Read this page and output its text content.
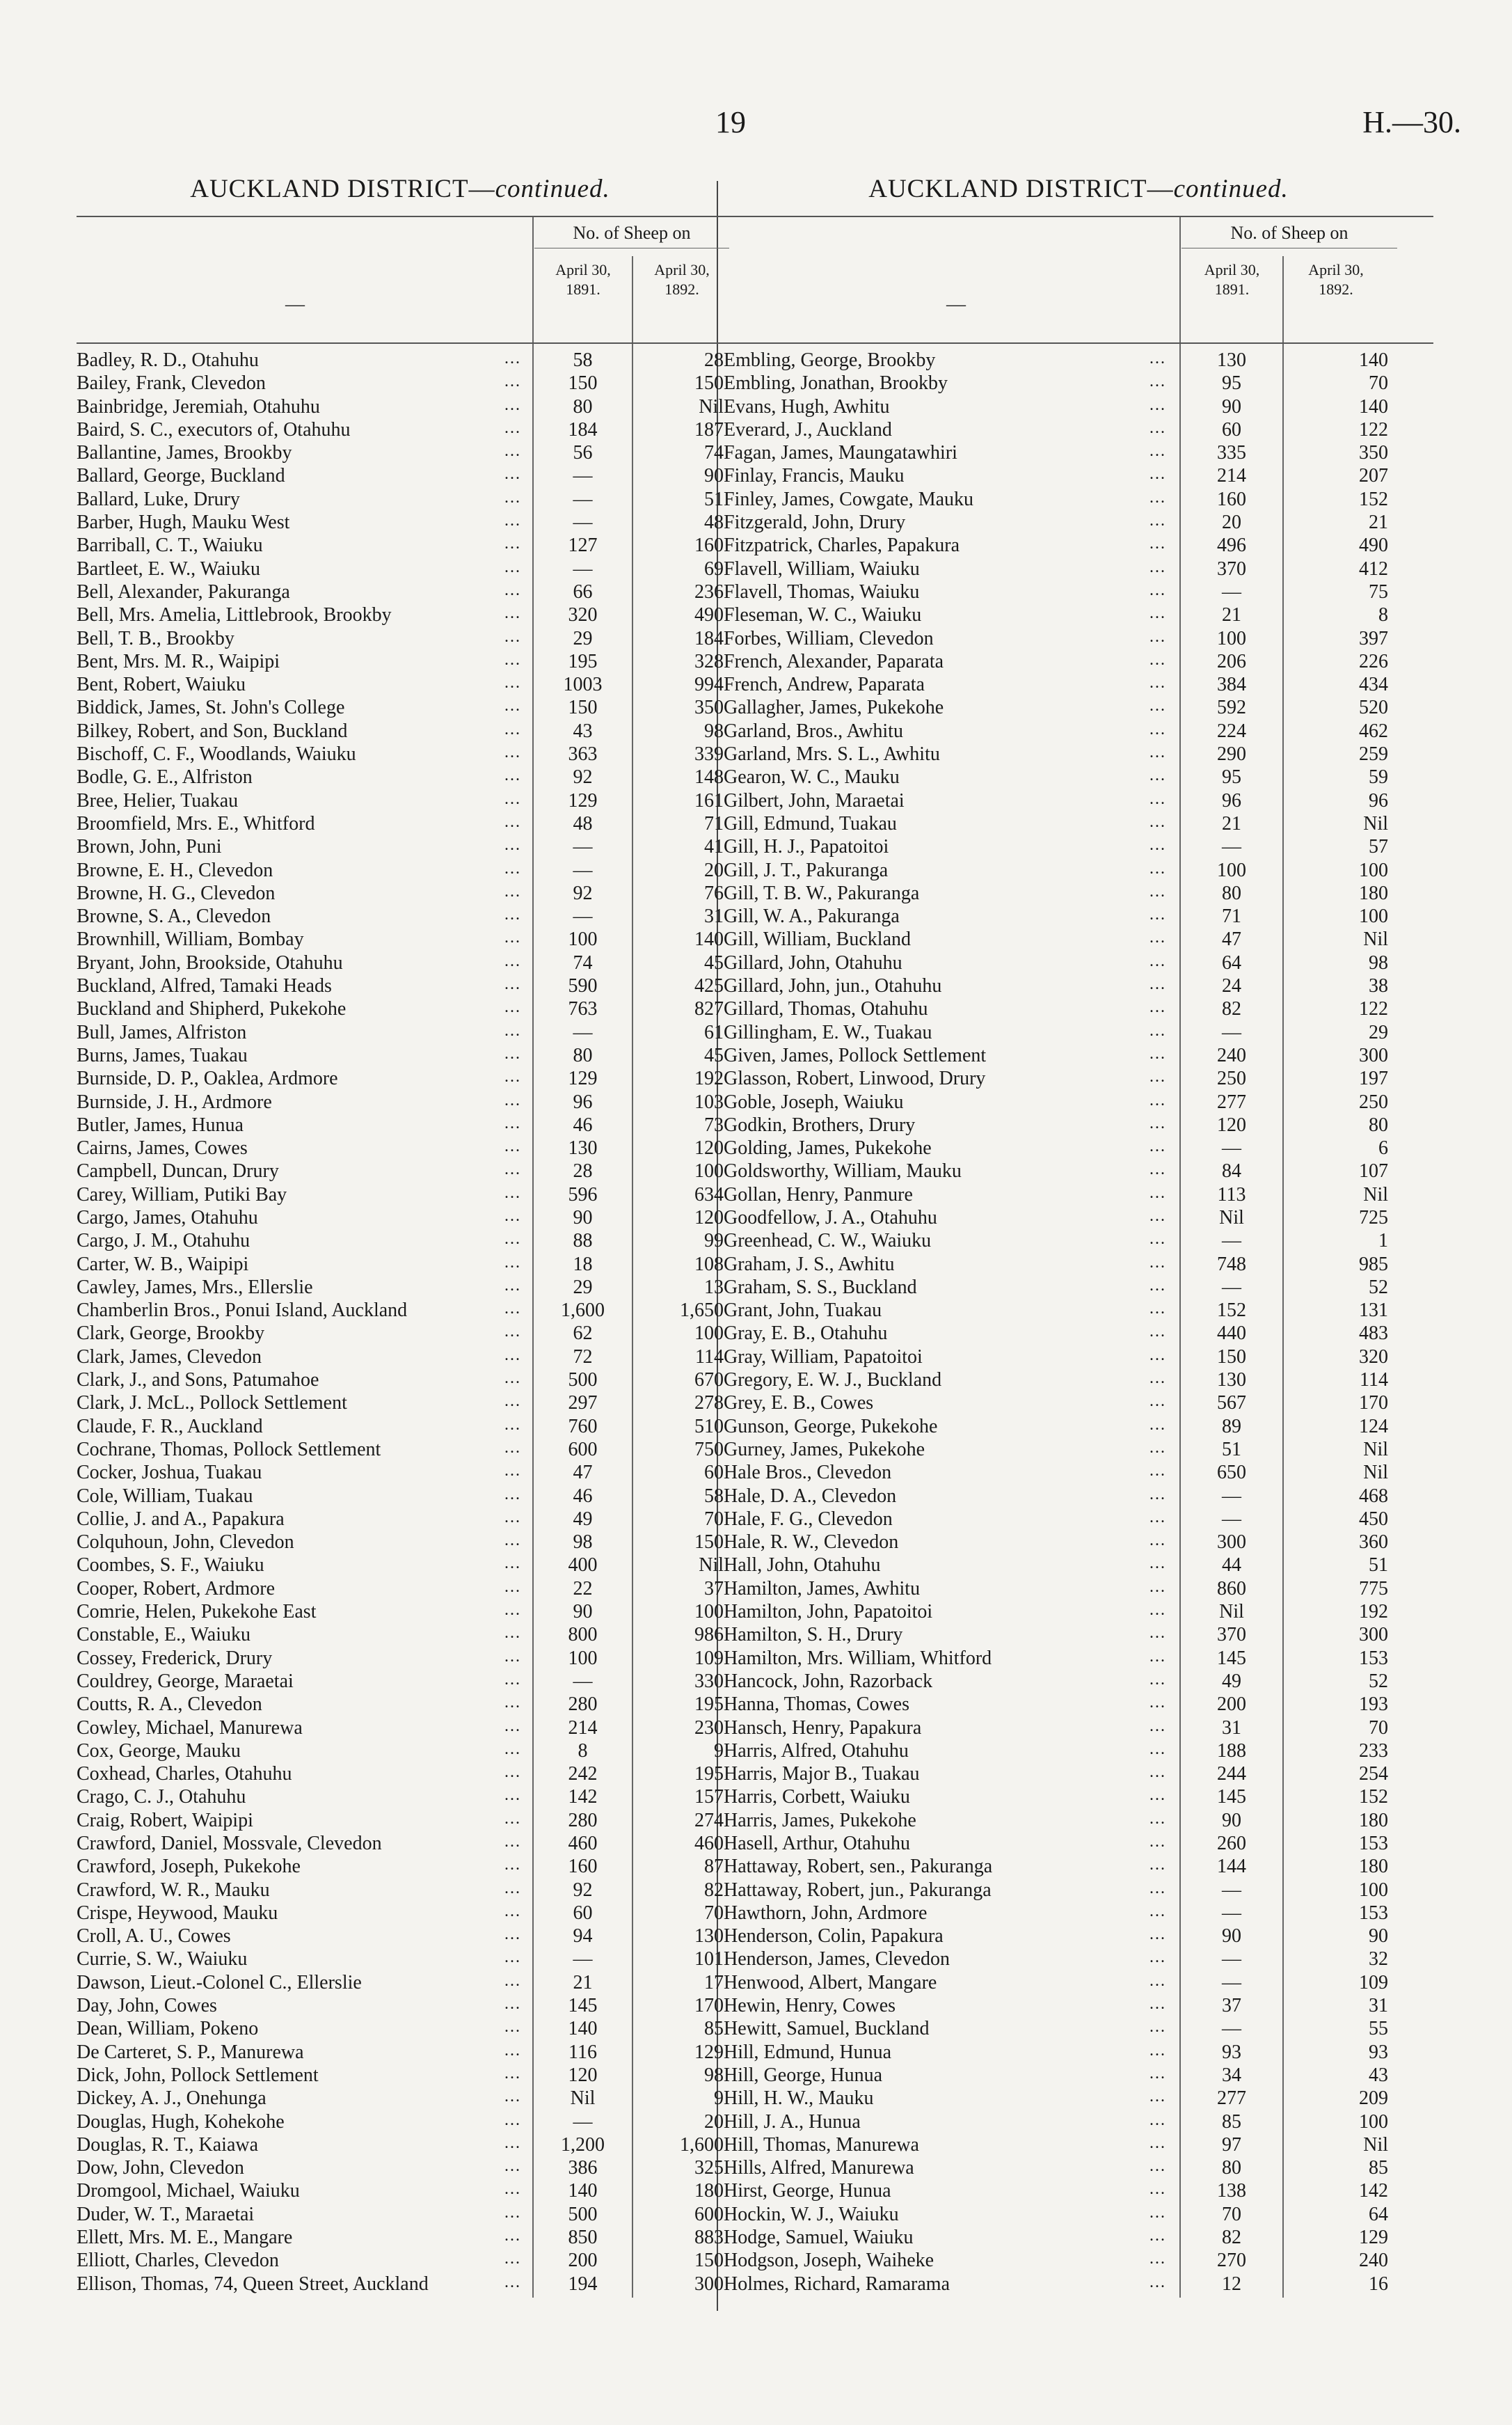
19	H.—30.
AUCKLAND DISTRICT—continued.
—
No. of Sheep on
April 30,
1891.
April 30,
1892.
Badley, R. D., Otahuhu	...	58	28
Bailey, Frank, Clevedon	...	150	150
Bainbridge, Jeremiah, Otahuhu	...	80	Nil
Baird, S. C., executors of, Otahuhu	...	184	187
Ballantine, James, Brookby	...	56	74
Ballard, George, Buckland	...	—	90
Ballard, Luke, Drury	...	—	51
Barber, Hugh, Mauku West	...	—	48
Barriball, C. T., Waiuku	...	127	160
Bartleet, E. W., Waiuku	...	—	69
Bell, Alexander, Pakuranga	...	66	236
Bell, Mrs. Amelia, Littlebrook, Brookby	...	320	490
Bell, T. B., Brookby	...	29	184
Bent, Mrs. M. R., Waipipi	...	195	328
Bent, Robert, Waiuku	...	1003	994
Biddick, James, St. John's College	...	150	350
Bilkey, Robert, and Son, Buckland	...	43	98
Bischoff, C. F., Woodlands, Waiuku	...	363	339
Bodle, G. E., Alfriston	...	92	148
Bree, Helier, Tuakau	...	129	161
Broomfield, Mrs. E., Whitford	...	48	71
Brown, John, Puni	...	—	41
Browne, E. H., Clevedon	...	—	20
Browne, H. G., Clevedon	...	92	76
Browne, S. A., Clevedon	...	—	31
Brownhill, William, Bombay	...	100	140
Bryant, John, Brookside, Otahuhu	...	74	45
Buckland, Alfred, Tamaki Heads	...	590	425
Buckland and Shipherd, Pukekohe	...	763	827
Bull, James, Alfriston	...	—	61
Burns, James, Tuakau	...	80	45
Burnside, D. P., Oaklea, Ardmore	...	129	192
Burnside, J. H., Ardmore	...	96	103
Butler, James, Hunua	...	46	73
Cairns, James, Cowes	...	130	120
Campbell, Duncan, Drury	...	28	100
Carey, William, Putiki Bay	...	596	634
Cargo, James, Otahuhu	...	90	120
Cargo, J. M., Otahuhu	...	88	99
Carter, W. B., Waipipi	...	18	108
Cawley, James, Mrs., Ellerslie	...	29	13
Chamberlin Bros., Ponui Island, Auckland	...	1,600	1,650
Clark, George, Brookby	...	62	100
Clark, James, Clevedon	...	72	114
Clark, J., and Sons, Patumahoe	...	500	670
Clark, J. McL., Pollock Settlement	...	297	278
Claude, F. R., Auckland	...	760	510
Cochrane, Thomas, Pollock Settlement	...	600	750
Cocker, Joshua, Tuakau	...	47	60
Cole, William, Tuakau	...	46	58
Collie, J. and A., Papakura	...	49	70
Colquhoun, John, Clevedon	...	98	150
Coombes, S. F., Waiuku	...	400	Nil
Cooper, Robert, Ardmore	...	22	37
Comrie, Helen, Pukekohe East	...	90	100
Constable, E., Waiuku	...	800	986
Cossey, Frederick, Drury	...	100	109
Couldrey, George, Maraetai	...	—	330
Coutts, R. A., Clevedon	...	280	195
Cowley, Michael, Manurewa	...	214	230
Cox, George, Mauku	...	8	9
Coxhead, Charles, Otahuhu	...	242	195
Crago, C. J., Otahuhu	...	142	157
Craig, Robert, Waipipi	...	280	274
Crawford, Daniel, Mossvale, Clevedon	...	460	460
Crawford, Joseph, Pukekohe	...	160	87
Crawford, W. R., Mauku	...	92	82
Crispe, Heywood, Mauku	...	60	70
Croll, A. U., Cowes	...	94	130
Currie, S. W., Waiuku	...	—	101
Dawson, Lieut.-Colonel C., Ellerslie	...	21	17
Day, John, Cowes	...	145	170
Dean, William, Pokeno	...	140	85
De Carteret, S. P., Manurewa	...	116	129
Dick, John, Pollock Settlement	...	120	98
Dickey, A. J., Onehunga	...	Nil	9
Douglas, Hugh, Kohekohe	...	—	20
Douglas, R. T., Kaiawa	...	1,200	1,600
Dow, John, Clevedon	...	386	325
Dromgool, Michael, Waiuku	...	140	180
Duder, W. T., Maraetai	...	500	600
Ellett, Mrs. M. E., Mangare	...	850	883
Elliott, Charles, Clevedon	...	200	150
Ellison, Thomas, 74, Queen Street, Auckland	...	194	300
AUCKLAND DISTRICT—continued.
—
No. of Sheep on
April 30,
1891.
April 30,
1892.
Embling, George, Brookby	...	130	140
Embling, Jonathan, Brookby	...	95	70
Evans, Hugh, Awhitu	...	90	140
Everard, J., Auckland	...	60	122
Fagan, James, Maungatawhiri	...	335	350
Finlay, Francis, Mauku	...	214	207
Finley, James, Cowgate, Mauku	...	160	152
Fitzgerald, John, Drury	...	20	21
Fitzpatrick, Charles, Papakura	...	496	490
Flavell, William, Waiuku	...	370	412
Flavell, Thomas, Waiuku	...	—	75
Fleseman, W. C., Waiuku	...	21	8
Forbes, William, Clevedon	...	100	397
French, Alexander, Paparata	...	206	226
French, Andrew, Paparata	...	384	434
Gallagher, James, Pukekohe	...	592	520
Garland, Bros., Awhitu	...	224	462
Garland, Mrs. S. L., Awhitu	...	290	259
Gearon, W. C., Mauku	...	95	59
Gilbert, John, Maraetai	...	96	96
Gill, Edmund, Tuakau	...	21	Nil
Gill, H. J., Papatoitoi	...	—	57
Gill, J. T., Pakuranga	...	100	100
Gill, T. B. W., Pakuranga	...	80	180
Gill, W. A., Pakuranga	...	71	100
Gill, William, Buckland	...	47	Nil
Gillard, John, Otahuhu	...	64	98
Gillard, John, jun., Otahuhu	...	24	38
Gillard, Thomas, Otahuhu	...	82	122
Gillingham, E. W., Tuakau	...	—	29
Given, James, Pollock Settlement	...	240	300
Glasson, Robert, Linwood, Drury	...	250	197
Goble, Joseph, Waiuku	...	277	250
Godkin, Brothers, Drury	...	120	80
Golding, James, Pukekohe	...	—	6
Goldsworthy, William, Mauku	...	84	107
Gollan, Henry, Panmure	...	113	Nil
Goodfellow, J. A., Otahuhu	...	Nil	725
Greenhead, C. W., Waiuku	...	—	1
Graham, J. S., Awhitu	...	748	985
Graham, S. S., Buckland	...	—	52
Grant, John, Tuakau	...	152	131
Gray, E. B., Otahuhu	...	440	483
Gray, William, Papatoitoi	...	150	320
Gregory, E. W. J., Buckland	...	130	114
Grey, E. B., Cowes	...	567	170
Gunson, George, Pukekohe	...	89	124
Gurney, James, Pukekohe	...	51	Nil
Hale Bros., Clevedon	...	650	Nil
Hale, D. A., Clevedon	...	—	468
Hale, F. G., Clevedon	...	—	450
Hale, R. W., Clevedon	...	300	360
Hall, John, Otahuhu	...	44	51
Hamilton, James, Awhitu	...	860	775
Hamilton, John, Papatoitoi	...	Nil	192
Hamilton, S. H., Drury	...	370	300
Hamilton, Mrs. William, Whitford	...	145	153
Hancock, John, Razorback	...	49	52
Hanna, Thomas, Cowes	...	200	193
Hansch, Henry, Papakura	...	31	70
Harris, Alfred, Otahuhu	...	188	233
Harris, Major B., Tuakau	...	244	254
Harris, Corbett, Waiuku	...	145	152
Harris, James, Pukekohe	...	90	180
Hasell, Arthur, Otahuhu	...	260	153
Hattaway, Robert, sen., Pakuranga	...	144	180
Hattaway, Robert, jun., Pakuranga	...	—	100
Hawthorn, John, Ardmore	...	—	153
Henderson, Colin, Papakura	...	90	90
Henderson, James, Clevedon	...	—	32
Henwood, Albert, Mangare	...	—	109
Hewin, Henry, Cowes	...	37	31
Hewitt, Samuel, Buckland	...	—	55
Hill, Edmund, Hunua	...	93	93
Hill, George, Hunua	...	34	43
Hill, H. W., Mauku	...	277	209
Hill, J. A., Hunua	...	85	100
Hill, Thomas, Manurewa	...	97	Nil
Hills, Alfred, Manurewa	...	80	85
Hirst, George, Hunua	...	138	142
Hockin, W. J., Waiuku	...	70	64
Hodge, Samuel, Waiuku	...	82	129
Hodgson, Joseph, Waiheke	...	270	240
Holmes, Richard, Ramarama	...	12	16
